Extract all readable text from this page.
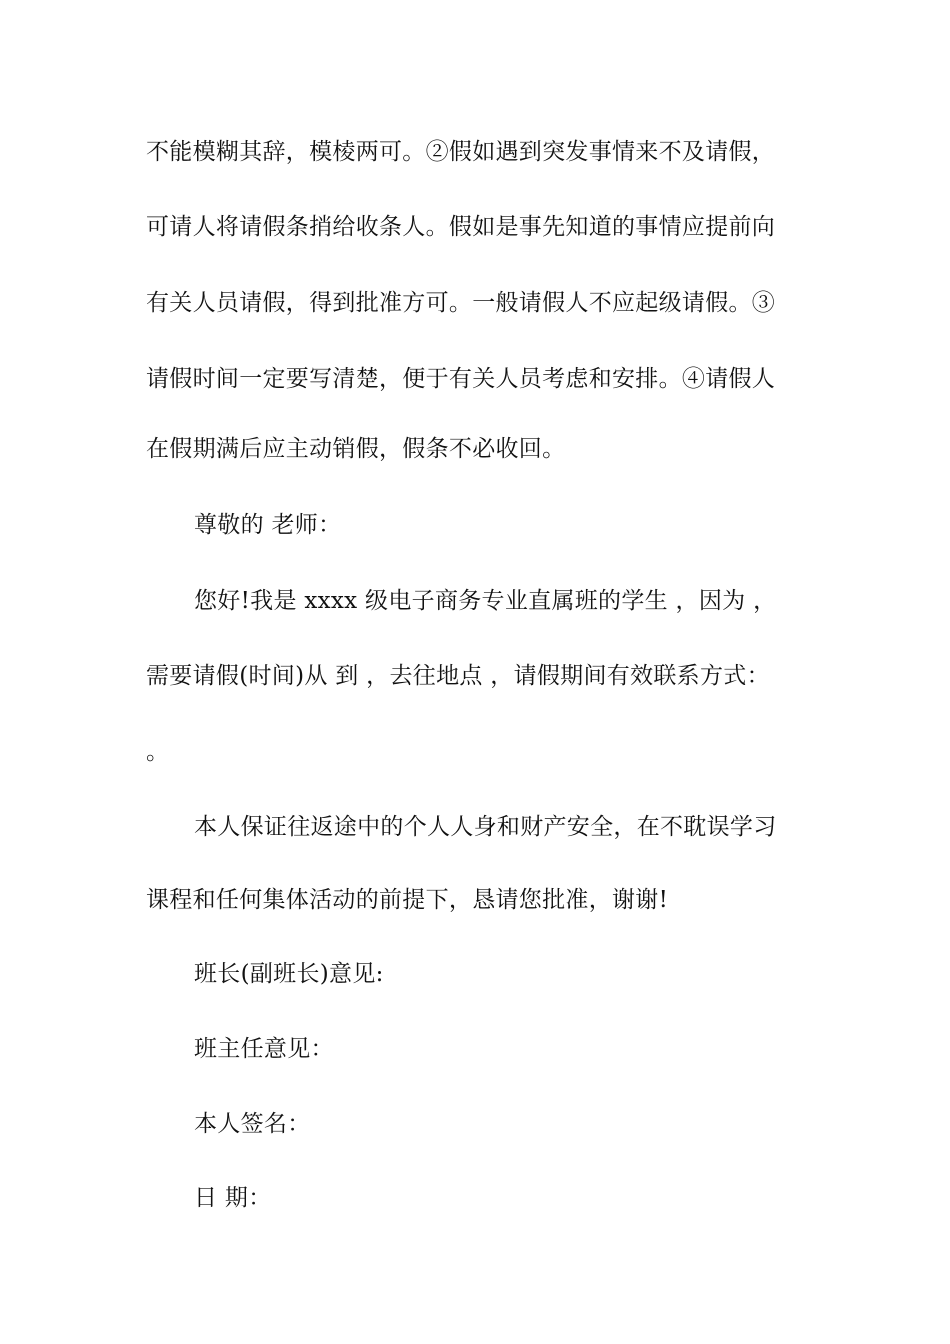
不能模糊其辞，模棱两可。②假如遇到突发事情来不及请假，
可请人将请假条捎给收条人。假如是事先知道的事情应提前向
有关人员请假，得到批准方可。一般请假人不应起级请假。③
请假时间一定要写清楚，便于有关人员考虑和安排。④请假人
在假期满后应主动销假，假条不必收回。
尊敬的 老师：
您好!我是 xxxx 级电子商务专业直属班的学生 ，因为 ，
需要请假(时间)从 到 ，去往地点 ，请假期间有效联系方式：
。
本人保证往返途中的个人人身和财产安全，在不耽误学习
课程和任何集体活动的前提下，恳请您批准，谢谢!
班长(副班长)意见:
班主任意见：
本人签名：
日 期：
